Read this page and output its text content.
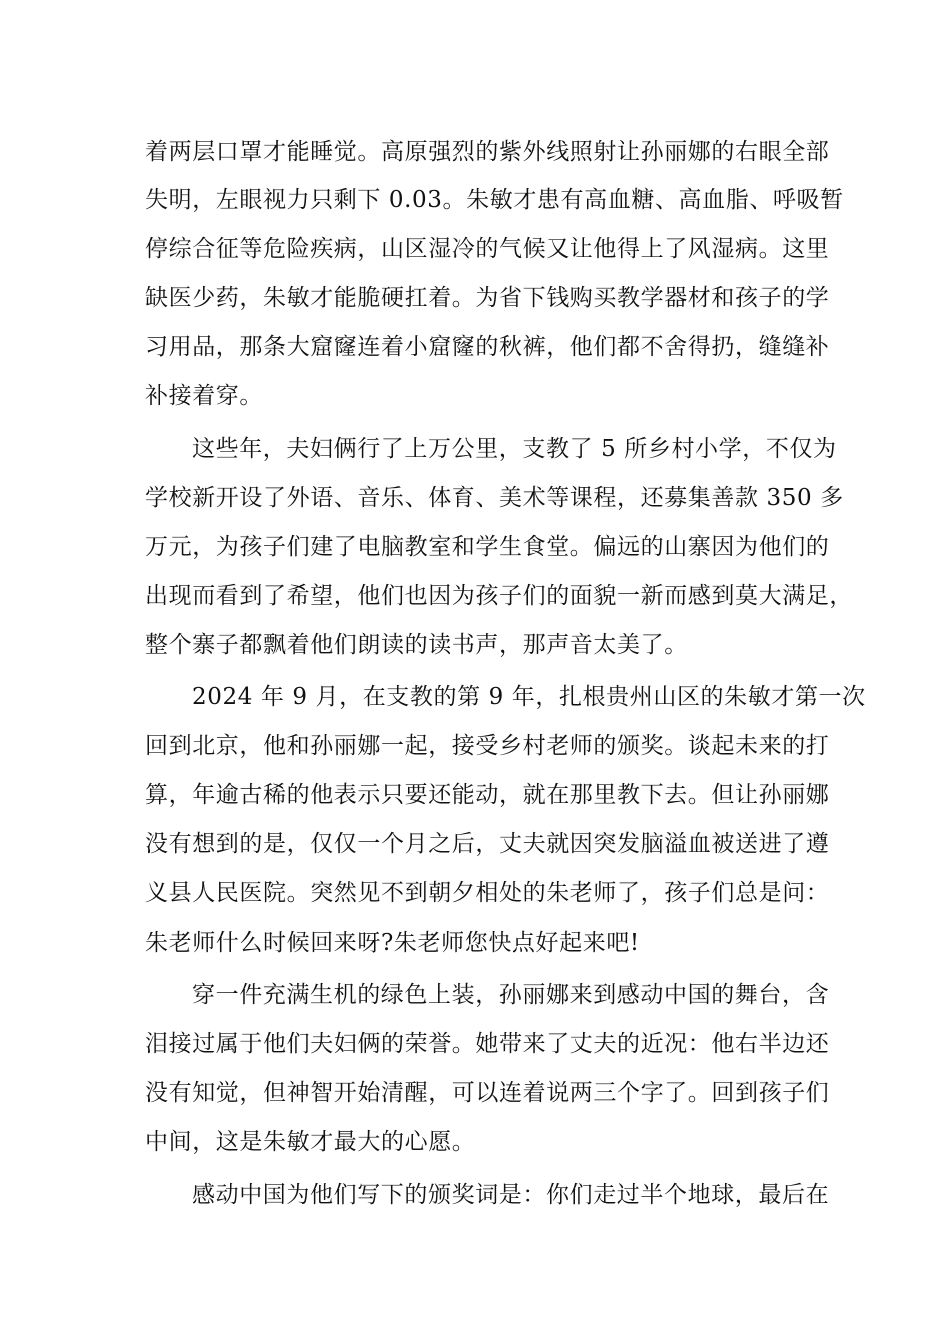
着两层口罩才能睡觉。高原强烈的紫外线照射让孙丽娜的右眼全部
失明，左眼视力只剩下 0.03。朱敏才患有高血糖、高血脂、呼吸暂
停综合征等危险疾病，山区湿冷的气候又让他得上了风湿病。这里
缺医少药，朱敏才能脆硬扛着。为省下钱购买教学器材和孩子的学
习用品，那条大窟窿连着小窟窿的秋裤，他们都不舍得扔，缝缝补
补接着穿。
这些年，夫妇俩行了上万公里，支教了 5 所乡村小学，不仅为
学校新开设了外语、音乐、体育、美术等课程，还募集善款 350 多
万元，为孩子们建了电脑教室和学生食堂。偏远的山寨因为他们的
出现而看到了希望，他们也因为孩子们的面貌一新而感到莫大满足，
整个寨子都飘着他们朗读的读书声，那声音太美了。
2024 年 9 月，在支教的第 9 年，扎根贵州山区的朱敏才第一次
回到北京，他和孙丽娜一起，接受乡村老师的颁奖。谈起未来的打
算，年逾古稀的他表示只要还能动，就在那里教下去。但让孙丽娜
没有想到的是，仅仅一个月之后，丈夫就因突发脑溢血被送进了遵
义县人民医院。突然见不到朝夕相处的朱老师了，孩子们总是问：
朱老师什么时候回来呀?朱老师您快点好起来吧!
穿一件充满生机的绿色上装，孙丽娜来到感动中国的舞台，含
泪接过属于他们夫妇俩的荣誉。她带来了丈夫的近况：他右半边还
没有知觉，但神智开始清醒，可以连着说两三个字了。回到孩子们
中间，这是朱敏才最大的心愿。
感动中国为他们写下的颁奖词是：你们走过半个地球，最后在
